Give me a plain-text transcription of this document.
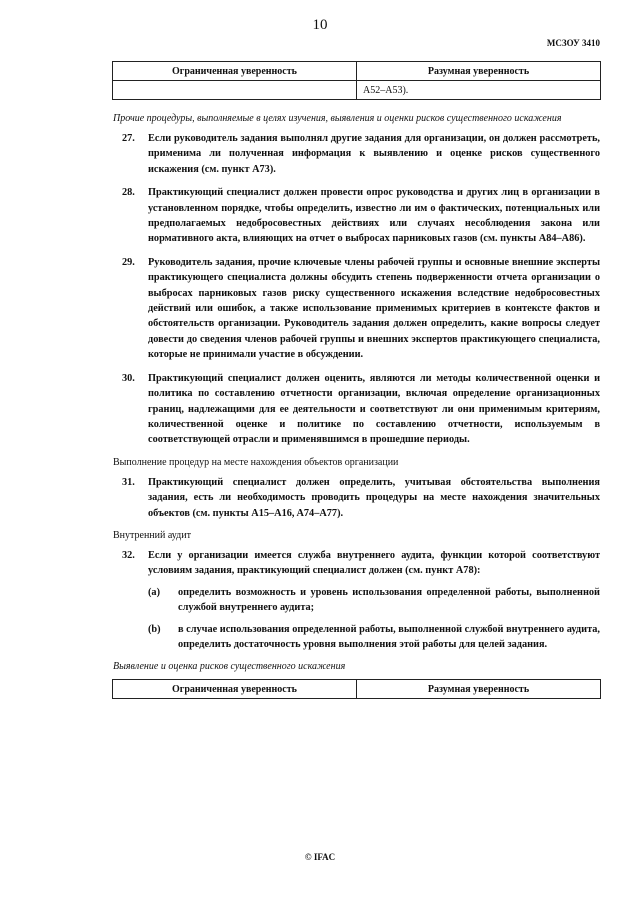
10
МСЗОУ 3410
Ограниченная уверенность	Разумная уверенность
	A52–A53).
Прочие процедуры, выполняемые в целях изучения, выявления и оценки рисков существенного искажения
27. Если руководитель задания выполнял другие задания для организации, он должен рассмотреть, применима ли полученная информация к выявлению и оценке рисков существенного искажения (см. пункт A73).
28. Практикующий специалист должен провести опрос руководства и других лиц в организации в установленном порядке, чтобы определить, известно ли им о фактических, потенциальных или предполагаемых недобросовестных действиях или случаях несоблюдения закона или нормативного акта, влияющих на отчет о выбросах парниковых газов (см. пункты A84–A86).
29. Руководитель задания, прочие ключевые члены рабочей группы и основные внешние эксперты практикующего специалиста должны обсудить степень подверженности отчета организации о выбросах парниковых газов риску существенного искажения вследствие недобросовестных действий или ошибок, а также использование применимых критериев в контексте фактов и обстоятельств организации. Руководитель задания должен определить, какие вопросы следует довести до сведения членов рабочей группы и внешних экспертов практикующего специалиста, которые не принимали участие в обсуждении.
30. Практикующий специалист должен оценить, являются ли методы количественной оценки и политика по составлению отчетности организации, включая определение организационных границ, надлежащими для ее деятельности и соответствуют ли они применимым критериям, количественной оценке и политике по составлению отчетности, используемым в соответствующей отрасли и применявшимся в прошедшие периоды.
Выполнение процедур на месте нахождения объектов организации
31. Практикующий специалист должен определить, учитывая обстоятельства выполнения задания, есть ли необходимость проводить процедуры на месте нахождения значительных объектов (см. пункты A15–A16, A74–A77).
Внутренний аудит
32. Если у организации имеется служба внутреннего аудита, функции которой соответствуют условиям задания, практикующий специалист должен (см. пункт A78):
(a) определить возможность и уровень использования определенной работы, выполненной службой внутреннего аудита;
(b) в случае использования определенной работы, выполненной службой внутреннего аудита, определить достаточность уровня выполнения этой работы для целей задания.
Выявление и оценка рисков существенного искажения
Ограниченная уверенность	Разумная уверенность
© IFAC
